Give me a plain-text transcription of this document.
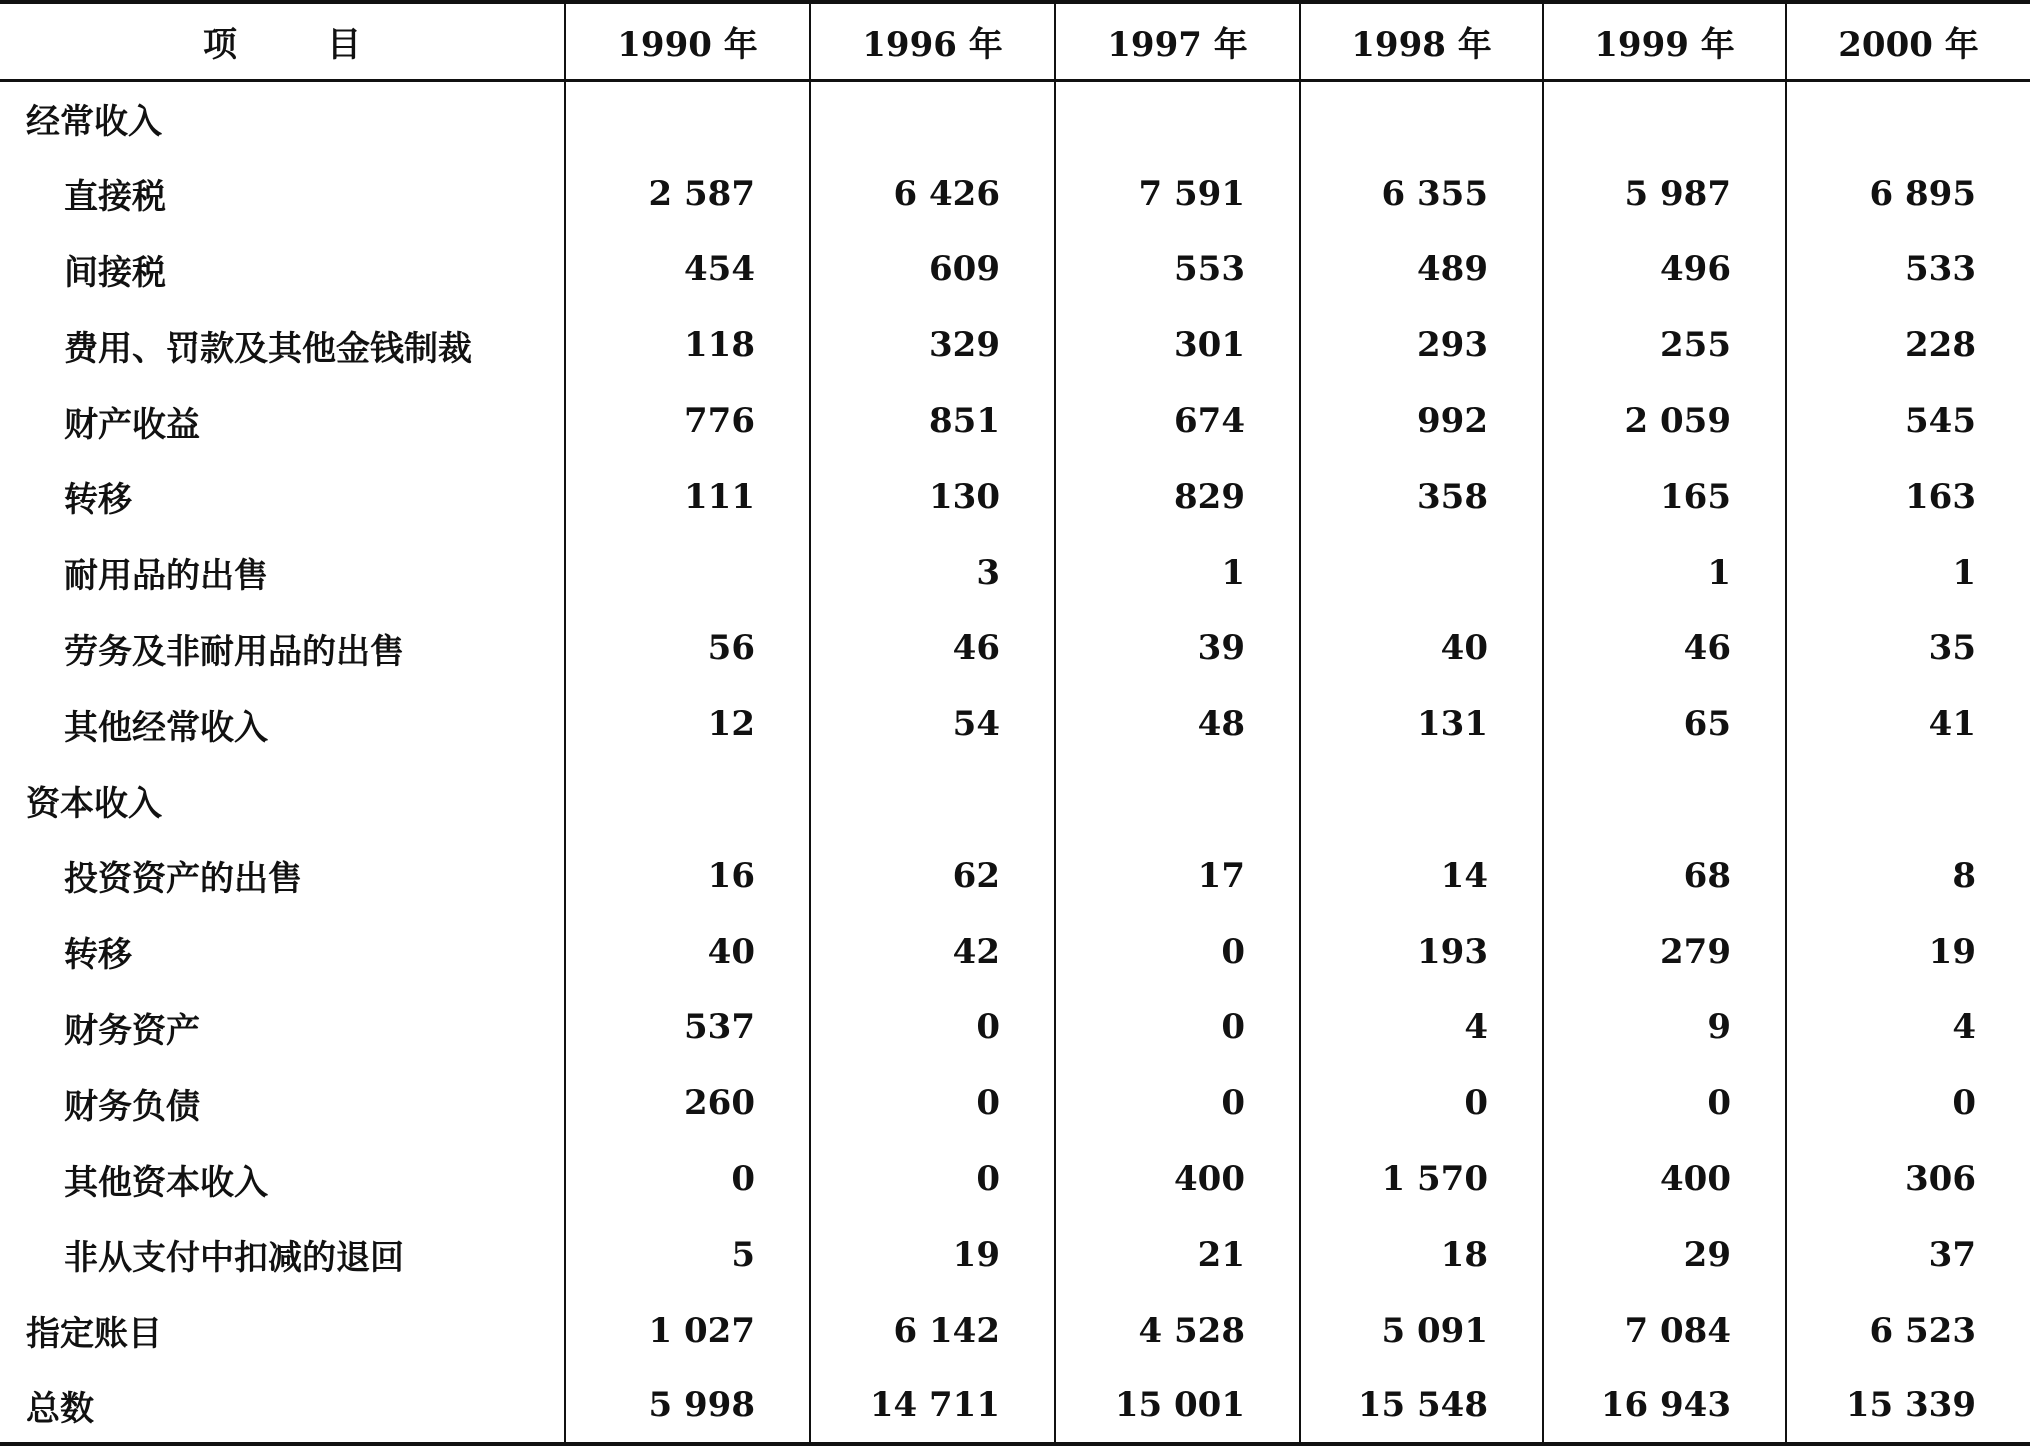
项 目	1990 年	1996 年	1997 年	1998 年	1999 年	2000 年
经常收入						
直接税	2 587	6 426	7 591	6 355	5 987	6 895
间接税	454	609	553	489	496	533
费用、罚款及其他金钱制裁	118	329	301	293	255	228
财产收益	776	851	674	992	2 059	545
转移	111	130	829	358	165	163
耐用品的出售		3	1		1	1
劳务及非耐用品的出售	56	46	39	40	46	35
其他经常收入	12	54	48	131	65	41
资本收入						
投资资产的出售	16	62	17	14	68	8
转移	40	42	0	193	279	19
财务资产	537	0	0	4	9	4
财务负债	260	0	0	0	0	0
其他资本收入	0	0	400	1 570	400	306
非从支付中扣减的退回	5	19	21	18	29	37
指定账目	1 027	6 142	4 528	5 091	7 084	6 523
总数	5 998	14 711	15 001	15 548	16 943	15 339
